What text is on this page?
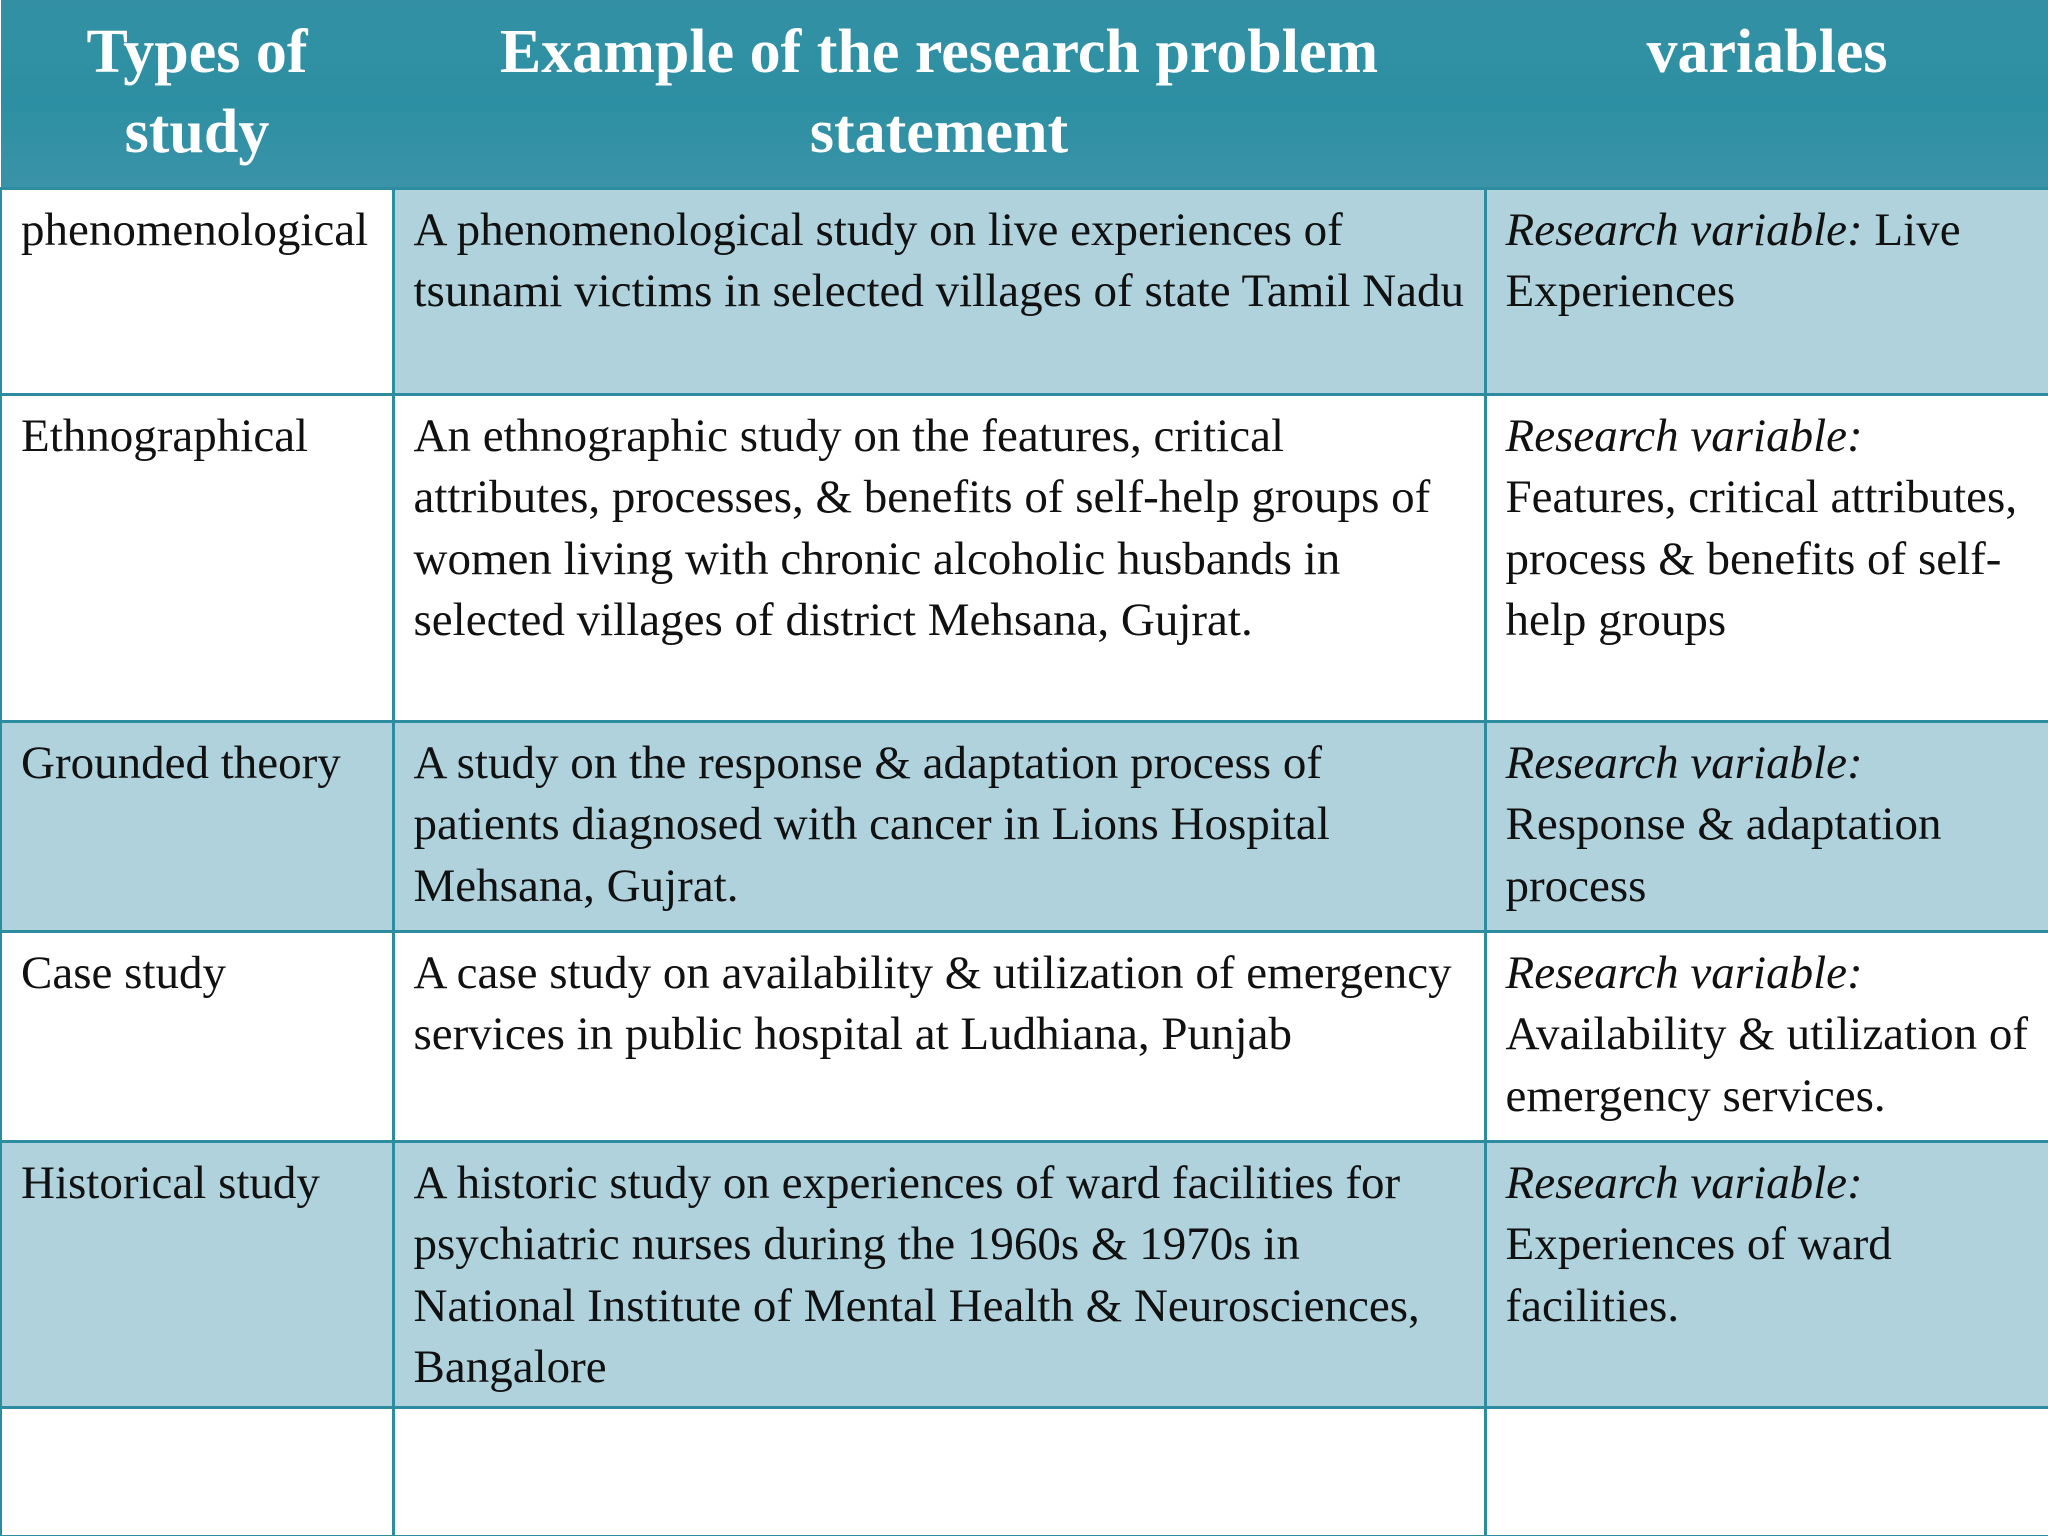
Types of study	Example of the research problem statement	variables
phenomenological	A phenomenological study on live experiences of tsunami victims in selected villages of state Tamil Nadu	Research variable: Live Experiences
Ethnographical	An ethnographic study on the features, critical attributes, processes, & benefits of self-help groups of women living with chronic alcoholic husbands in selected villages of district Mehsana, Gujrat.	Research variable: Features, critical attributes, process & benefits of self-help groups
Grounded theory	A study on the response & adaptation process of patients diagnosed with cancer in Lions Hospital Mehsana, Gujrat.	Research variable: Response & adaptation process
Case study	A case study on availability & utilization of emergency services in public hospital at Ludhiana, Punjab	Research variable: Availability & utilization of emergency services.
Historical study	A historic study on experiences of ward facilities for psychiatric nurses during the 1960s & 1970s in National Institute of Mental Health & Neurosciences, Bangalore	Research variable: Experiences of ward facilities.
